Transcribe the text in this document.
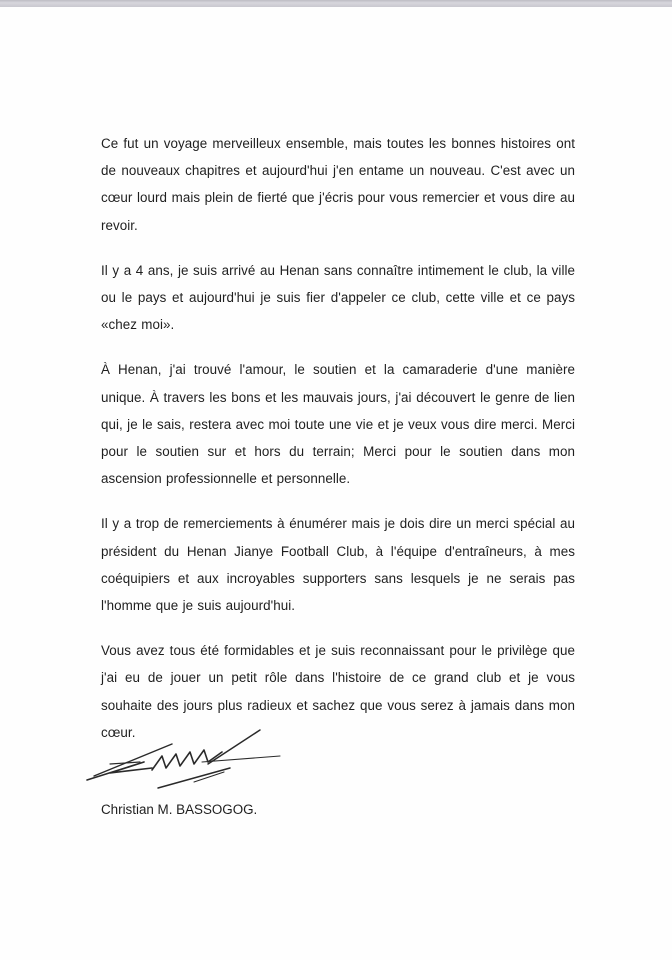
Ce fut un voyage merveilleux ensemble, mais toutes les bonnes histoires ont de nouveaux chapitres et aujourd'hui j'en entame un nouveau. C'est avec un cœur lourd mais plein de fierté que j'écris pour vous remercier et vous dire au revoir.

Il y a 4 ans, je suis arrivé au Henan sans connaître intimement le club, la ville ou le pays et aujourd'hui je suis fier d'appeler ce club, cette ville et ce pays «chez moi».

À Henan, j'ai trouvé l'amour, le soutien et la camaraderie d'une manière unique. À travers les bons et les mauvais jours, j'ai découvert le genre de lien qui, je le sais, restera avec moi toute une vie et je veux vous dire merci. Merci pour le soutien sur et hors du terrain; Merci pour le soutien dans mon ascension professionnelle et personnelle.

Il y a trop de remerciements à énumérer mais je dois dire un merci spécial au président du Henan Jianye Football Club, à l'équipe d'entraîneurs, à mes coéquipiers et aux incroyables supporters sans lesquels je ne serais pas l'homme que je suis aujourd'hui.

Vous avez tous été formidables et je suis reconnaissant pour le privilège que j'ai eu de jouer un petit rôle dans l'histoire de ce grand club et je vous souhaite des jours plus radieux et sachez que vous serez à jamais dans mon cœur.

Christian M. BASSOGOG.
